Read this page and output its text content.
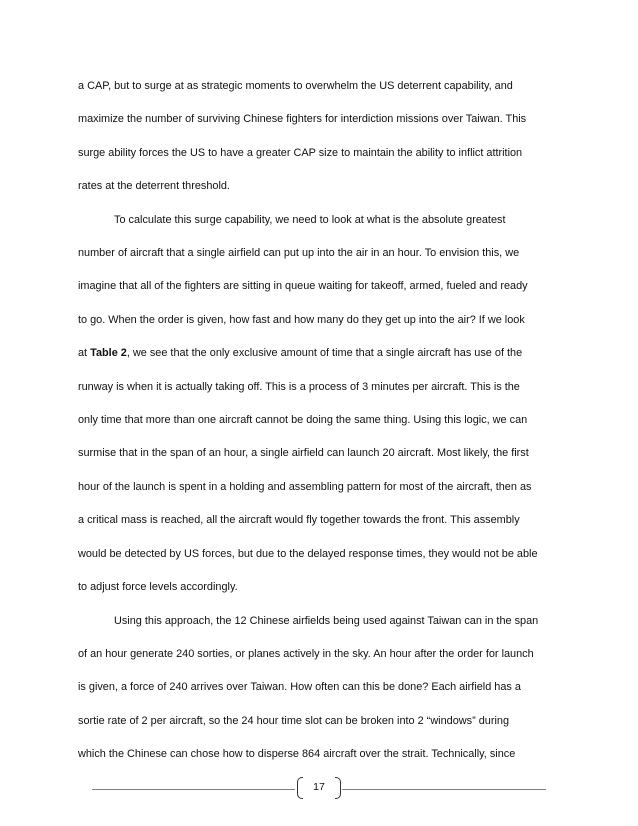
a CAP, but to surge at as strategic moments to overwhelm the US deterrent capability, and
maximize the number of surviving Chinese fighters for interdiction missions over Taiwan. This
surge ability forces the US to have a greater CAP size to maintain the ability to inflict attrition
rates at the deterrent threshold.
To calculate this surge capability, we need to look at what is the absolute greatest
number of aircraft that a single airfield can put up into the air in an hour. To envision this, we
imagine that all of the fighters are sitting in queue waiting for takeoff, armed, fueled and ready
to go. When the order is given, how fast and how many do they get up into the air? If we look
at Table 2, we see that the only exclusive amount of time that a single aircraft has use of the
runway is when it is actually taking off. This is a process of 3 minutes per aircraft. This is the
only time that more than one aircraft cannot be doing the same thing. Using this logic, we can
surmise that in the span of an hour, a single airfield can launch 20 aircraft. Most likely, the first
hour of the launch is spent in a holding and assembling pattern for most of the aircraft, then as
a critical mass is reached, all the aircraft would fly together towards the front. This assembly
would be detected by US forces, but due to the delayed response times, they would not be able
to adjust force levels accordingly.
Using this approach, the 12 Chinese airfields being used against Taiwan can in the span
of an hour generate 240 sorties, or planes actively in the sky. An hour after the order for launch
is given, a force of 240 arrives over Taiwan. How often can this be done? Each airfield has a
sortie rate of 2 per aircraft, so the 24 hour time slot can be broken into 2 “windows” during
which the Chinese can chose how to disperse 864 aircraft over the strait. Technically, since
17
